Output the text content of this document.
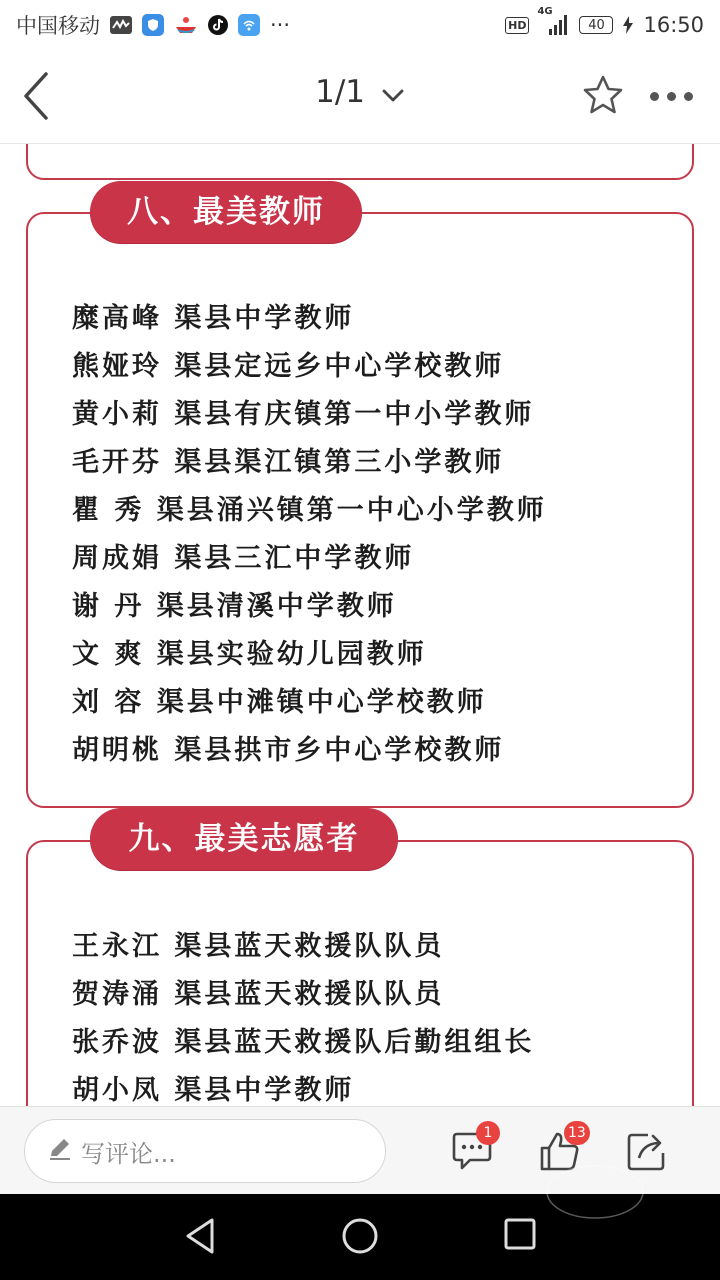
中国移动	···	HD
4G
40 16:50
1/1
八、最美教师
糜高峰 渠县中学教师
熊娅玲 渠县定远乡中心学校教师
黄小莉 渠县有庆镇第一中小学教师
毛开芬 渠县渠江镇第三小学教师
瞿 秀 渠县涌兴镇第一中心小学教师
周成娟 渠县三汇中学教师
谢 丹 渠县清溪中学教师
文 爽 渠县实验幼儿园教师
刘 容 渠县中滩镇中心学校教师
胡明桃 渠县拱市乡中心学校教师
九、最美志愿者
王永江 渠县蓝天救援队队员
贺涛涌 渠县蓝天救援队队员
张乔波 渠县蓝天救援队后勤组组长
胡小凤 渠县中学教师
写评论...
1	13
